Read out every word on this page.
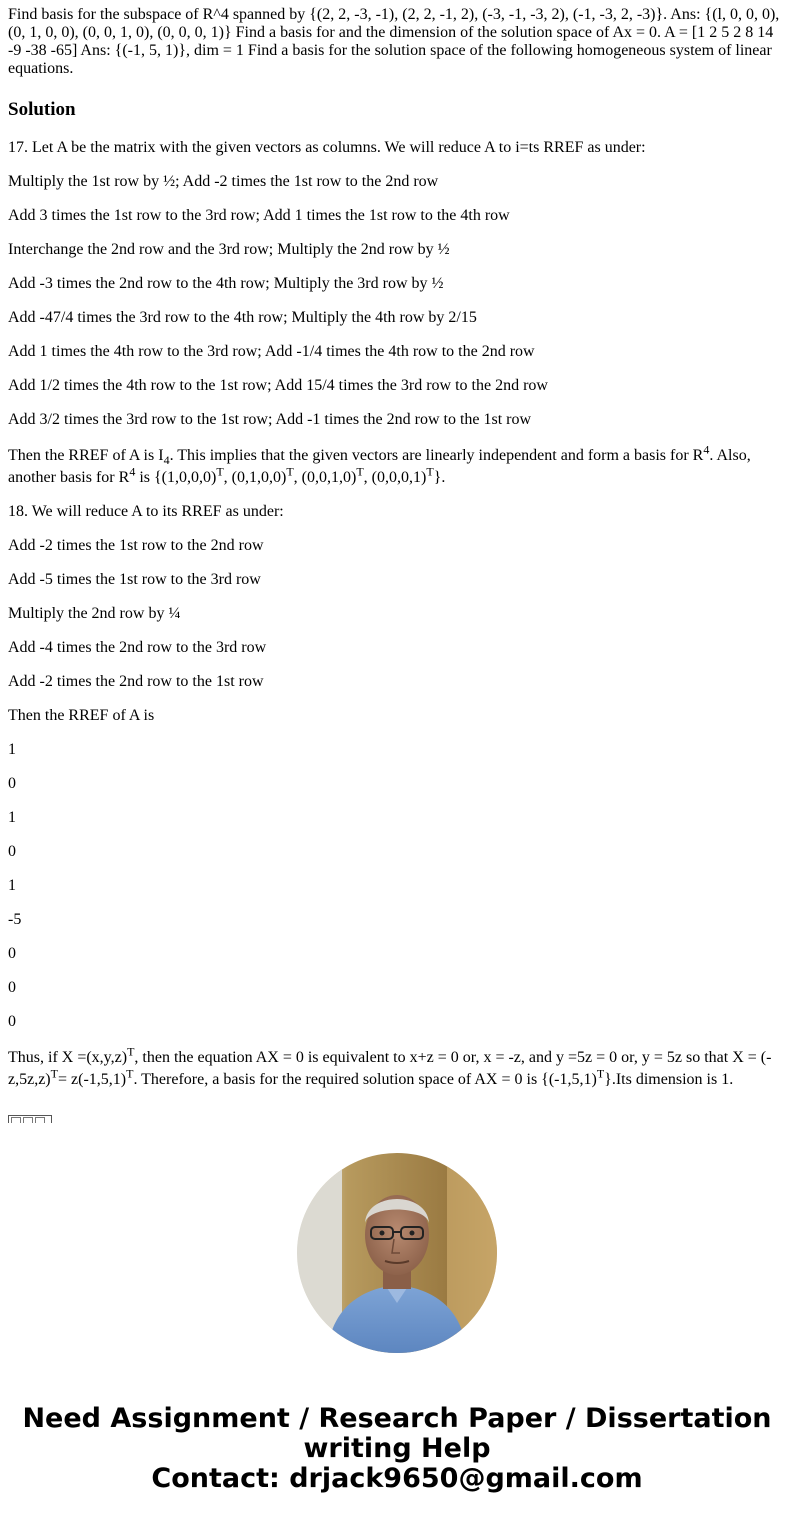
Find basis for the subspace of R^4 spanned by {(2, 2, -3, -1), (2, 2, -1, 2), (-3, -1, -3, 2), (-1, -3, 2, -3)}. Ans: {(l, 0, 0, 0), (0, 1, 0, 0), (0, 0, 1, 0), (0, 0, 0, 1)} Find a basis for and the dimension of the solution space of Ax = 0. A = [1 2 5 2 8 14 -9 -38 -65] Ans: {(-1, 5, 1)}, dim = 1 Find a basis for the solution space of the following homogeneous system of linear equations.

Solution

17. Let A be the matrix with the given vectors as columns. We will reduce A to i=ts RREF as under:

Multiply the 1st row by ½; Add -2 times the 1st row to the 2nd row

Add 3 times the 1st row to the 3rd row; Add 1 times the 1st row to the 4th row

Interchange the 2nd row and the 3rd row; Multiply the 2nd row by ½

Add -3 times the 2nd row to the 4th row; Multiply the 3rd row by ½

Add -47/4 times the 3rd row to the 4th row; Multiply the 4th row by 2/15

Add 1 times the 4th row to the 3rd row; Add -1/4 times the 4th row to the 2nd row

Add 1/2 times the 4th row to the 1st row; Add 15/4 times the 3rd row to the 2nd row

Add 3/2 times the 3rd row to the 1st row; Add -1 times the 2nd row to the 1st row

Then the RREF of A is $I_4$. This implies that the given vectors are linearly independent and form a basis for $R^4$. Also, another basis for $R^4$ is {$(1,0,0,0)^T$, $(0,1,0,0)^T$, $(0,0,1,0)^T$, $(0,0,0,1)^T$}.

18. We will reduce A to its RREF as under:

Add -2 times the 1st row to the 2nd row

Add -5 times the 1st row to the 3rd row

Multiply the 2nd row by ¼

Add -4 times the 2nd row to the 3rd row

Add -2 times the 2nd row to the 1st row

Then the RREF of A is

1

0

1

0

1

-5

0

0

0

Thus, if $X =(x,y,z)^T$, then the equation AX = 0 is equivalent to x+z = 0 or, x = -z, and y =5z = 0 or, y = 5z so that $X = (-z,5z,z)^T= z(-1,5,1)^T$. Therefore, a basis for the required solution space of AX = 0 is $\{(-1,5,1)^T\}.Its$ dimension is 1.

Need Assignment / Research Paper / Dissertation
writing Help
Contact: drjack9650@gmail.com
